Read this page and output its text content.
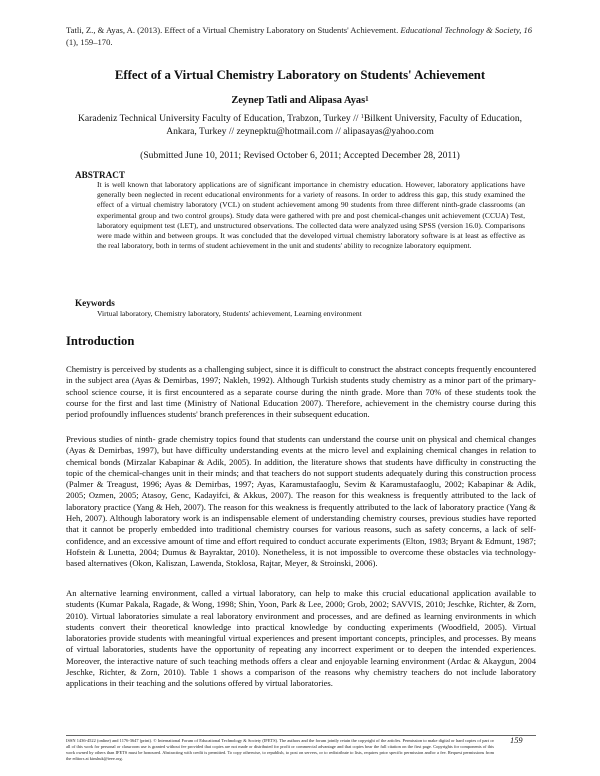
Tatli, Z., & Ayas, A. (2013). Effect of a Virtual Chemistry Laboratory on Students' Achievement. Educational Technology & Society, 16 (1), 159–170.
Effect of a Virtual Chemistry Laboratory on Students' Achievement
Zeynep Tatli and Alipasa Ayas$^1$
Karadeniz Technical University Faculty of Education, Trabzon, Turkey // $^1$Bilkent University, Faculty of Education, Ankara, Turkey // zeynepktu@hotmail.com // alipasayas@yahoo.com
(Submitted June 10, 2011; Revised October 6, 2011; Accepted December 28, 2011)
ABSTRACT
It is well known that laboratory applications are of significant importance in chemistry education. However, laboratory applications have generally been neglected in recent educational environments for a variety of reasons. In order to address this gap, this study examined the effect of a virtual chemistry laboratory (VCL) on student achievement among 90 students from three different ninth-grade classrooms (an experimental group and two control groups). Study data were gathered with pre and post chemical-changes unit achievement (CCUA) Test, laboratory equipment test (LET), and unstructured observations. The collected data were analyzed using SPSS (version 16.0). Comparisons were made within and between groups. It was concluded that the developed virtual chemistry laboratory software is at least as effective as the real laboratory, both in terms of student achievement in the unit and students' ability to recognize laboratory equipment.
Keywords
Virtual laboratory, Chemistry laboratory, Students' achievement, Learning environment
Introduction

Chemistry is perceived by students as a challenging subject, since it is difficult to construct the abstract concepts frequently encountered in the subject area (Ayas & Demirbas, 1997; Nakleh, 1992). Although Turkish students study chemistry as a minor part of the primary-school science course, it is first encountered as a separate course during the ninth grade. More than 70% of these students took the course for the first and last time (Ministry of National Education 2007). Therefore, achievement in the chemistry course during this period profoundly influences students' branch preferences in their subsequent education.

Previous studies of ninth- grade chemistry topics found that students can understand the course unit on physical and chemical changes (Ayas & Demirbas, 1997), but have difficulty understanding events at the micro level and explaining chemical changes in relation to chemical bonds (Mirzalar Kabapinar & Adik, 2005). In addition, the literature shows that students have difficulty in constructing the topic of the chemical-changes unit in their minds; and that teachers do not support students adequately during this construction process (Palmer & Treagust, 1996; Ayas & Demirbas, 1997; Ayas, Karamustafaoglu, Sevim & Karamustafaoglu, 2002; Kabapinar & Adik, 2005; Ozmen, 2005; Atasoy, Genc, Kadayifci, & Akkus, 2007). The reason for this weakness is frequently attributed to the lack of laboratory practice (Yang & Heh, 2007). The reason for this weakness is frequently attributed to the lack of laboratory practice (Yang & Heh, 2007). Although laboratory work is an indispensable element of understanding chemistry courses, previous studies have reported that it cannot be properly embedded into traditional chemistry courses for various reasons, such as safety concerns, a lack of self-confidence, and an excessive amount of time and effort required to conduct accurate experiments (Elton, 1983; Bryant & Edmunt, 1987; Hofstein & Lunetta, 2004; Dumus & Bayraktar, 2010). Nonetheless, it is not impossible to overcome these obstacles via technology-based alternatives (Okon, Kaliszan, Lawenda, Stoklosa, Rajtar, Meyer, & Stroinski, 2006).

An alternative learning environment, called a virtual laboratory, can help to make this crucial educational application available to students (Kumar Pakala, Ragade, & Wong, 1998; Shin, Yoon, Park & Lee, 2000; Grob, 2002; SAVVIS, 2010; Jeschke, Richter, & Zorn, 2010). Virtual laboratories simulate a real laboratory environment and processes, and are defined as learning environments in which students convert their theoretical knowledge into practical knowledge by conducting experiments (Woodfield, 2005). Virtual laboratories provide students with meaningful virtual experiences and present important concepts, principles, and processes. By means of virtual laboratories, students have the opportunity of repeating any incorrect experiment or to deepen the intended experiences. Moreover, the interactive nature of such teaching methods offers a clear and enjoyable learning environment (Ardac & Akaygun, 2004 Jeschke, Richter, & Zorn, 2010). Table 1 shows a comparison of the reasons why chemistry teachers do not include laboratory applications in their teaching and the solutions offered by virtual laboratories.

ISSN 1436-4522 (online) and 1176-3647 (print). © International Forum of Educational Technology & Society (IFETS). The authors and the forum jointly retain the copyright of the articles. Permission to make digital or hard copies of part or all of this work for personal or classroom use is granted without fee provided that copies are not made or distributed for profit or commercial advantage and that copies bear the full citation on the first page. Copyrights for components of this work owned by others than IFETS must be honoured. Abstracting with credit is permitted. To copy otherwise, to republish, to post on servers, or to redistribute to lists, requires prior specific permission and/or a fee. Request permissions from the editors at kinshuk@ieee.org.
159
